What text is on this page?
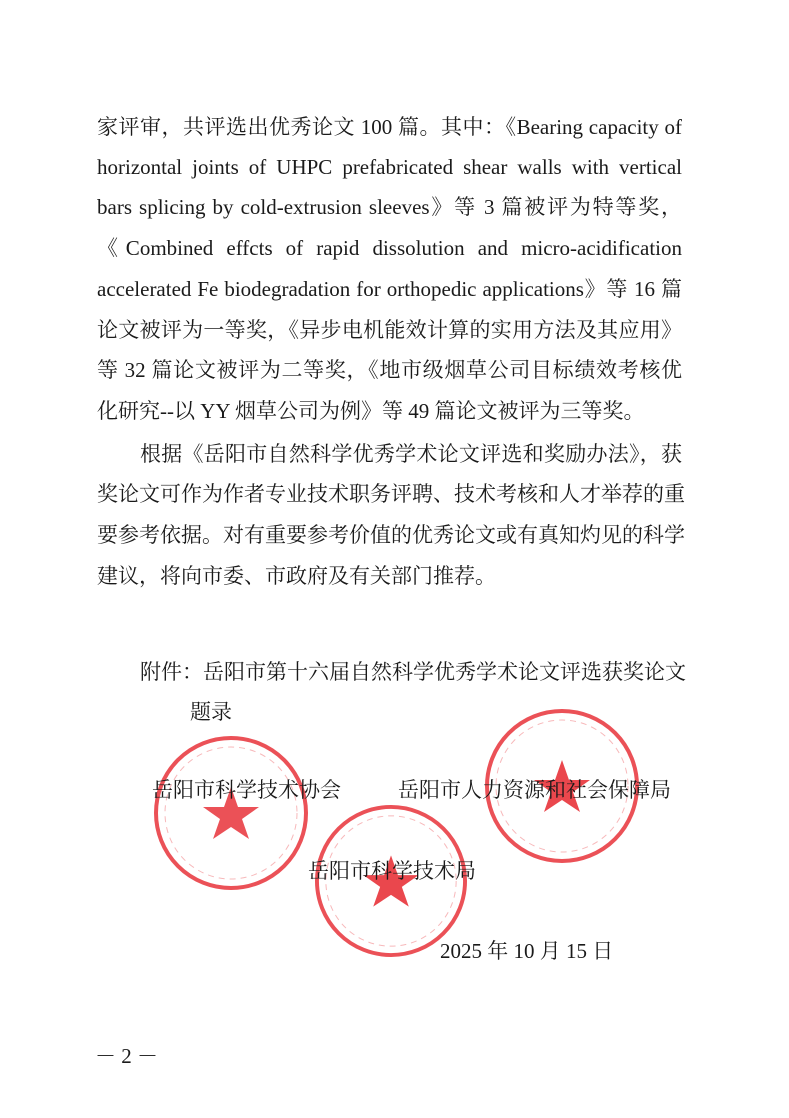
家评审，共评选出优秀论文 100 篇。其中：《Bearing capacity of
horizontal joints of UHPC prefabricated shear walls with vertical
bars splicing by cold-extrusion sleeves》等 3 篇被评为特等奖，
《Combined effcts of rapid dissolution and micro-acidification
accelerated Fe biodegradation for orthopedic applications》等 16 篇
论文被评为一等奖，《异步电机能效计算的实用方法及其应用》
等 32 篇论文被评为二等奖，《地市级烟草公司目标绩效考核优
化研究--以 YY 烟草公司为例》等 49 篇论文被评为三等奖。
根据《岳阳市自然科学优秀学术论文评选和奖励办法》，获
奖论文可作为作者专业技术职务评聘、技术考核和人才举荐的重
要参考依据。对有重要参考价值的优秀论文或有真知灼见的科学
建议，将向市委、市政府及有关部门推荐。
附件：岳阳市第十六届自然科学优秀学术论文评选获奖论文
题录
岳阳市科学技术协会	岳阳市人力资源和社会保障局
岳阳市科学技术局
2025 年 10 月 15 日
－ 2 －
